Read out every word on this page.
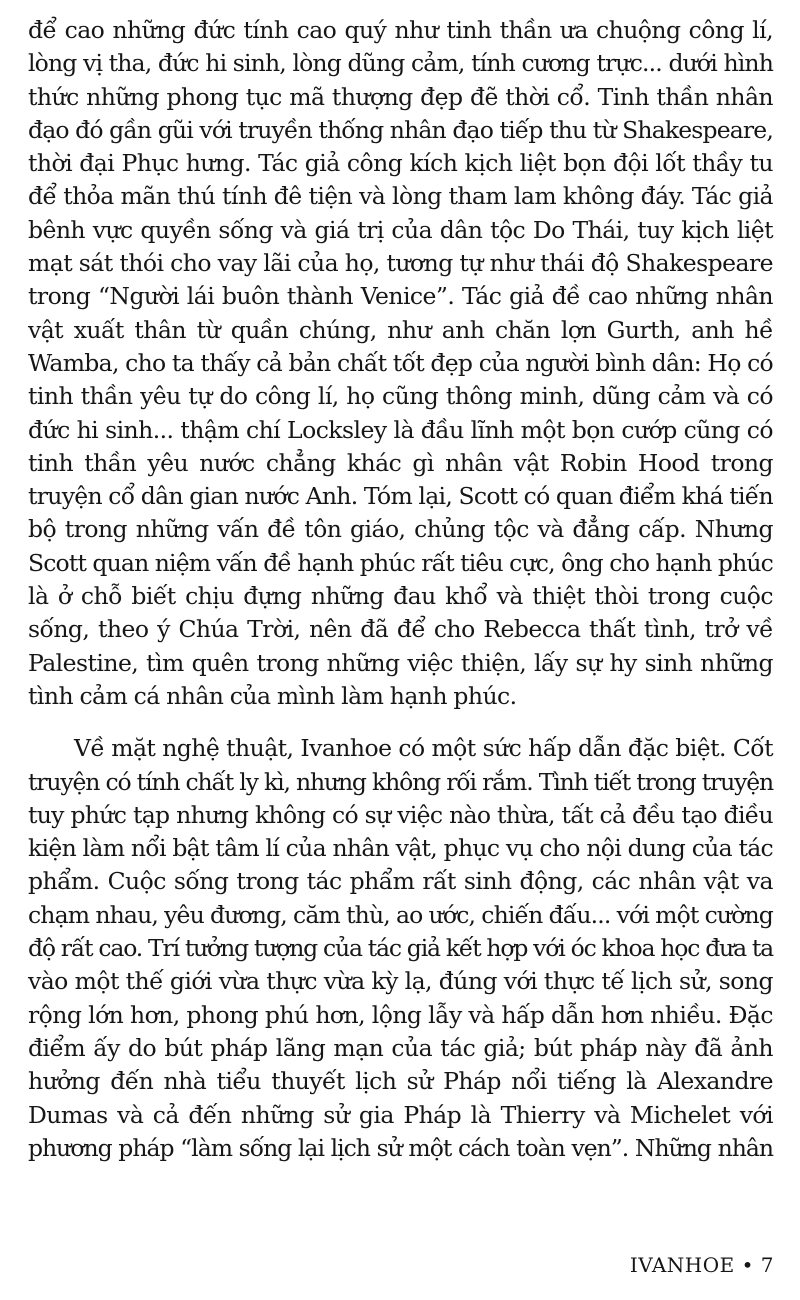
để cao những đức tính cao quý như tinh thần ưa chuộng công lí,
lòng vị tha, đức hi sinh, lòng dũng cảm, tính cương trực... dưới hình
thức những phong tục mã thượng đẹp đẽ thời cổ. Tinh thần nhân
đạo đó gần gũi với truyền thống nhân đạo tiếp thu từ Shakespeare,
thời đại Phục hưng. Tác giả công kích kịch liệt bọn đội lốt thầy tu
để thỏa mãn thú tính đê tiện và lòng tham lam không đáy. Tác giả
bênh vực quyền sống và giá trị của dân tộc Do Thái, tuy kịch liệt
mạt sát thói cho vay lãi của họ, tương tự như thái độ Shakespeare
trong “Người lái buôn thành Venice”. Tác giả đề cao những nhân
vật xuất thân từ quần chúng, như anh chăn lợn Gurth, anh hề
Wamba, cho ta thấy cả bản chất tốt đẹp của người bình dân: Họ có
tinh thần yêu tự do công lí, họ cũng thông minh, dũng cảm và có
đức hi sinh... thậm chí Locksley là đầu lĩnh một bọn cướp cũng có
tinh thần yêu nước chẳng khác gì nhân vật Robin Hood trong
truyện cổ dân gian nước Anh. Tóm lại, Scott có quan điểm khá tiến
bộ trong những vấn đề tôn giáo, chủng tộc và đẳng cấp. Nhưng
Scott quan niệm vấn đề hạnh phúc rất tiêu cực, ông cho hạnh phúc
là ở chỗ biết chịu đựng những đau khổ và thiệt thòi trong cuộc
sống, theo ý Chúa Trời, nên đã để cho Rebecca thất tình, trở về
Palestine, tìm quên trong những việc thiện, lấy sự hy sinh những
tình cảm cá nhân của mình làm hạnh phúc.
Về mặt nghệ thuật, Ivanhoe có một sức hấp dẫn đặc biệt. Cốt
truyện có tính chất ly kì, nhưng không rối rắm. Tình tiết trong truyện
tuy phức tạp nhưng không có sự việc nào thừa, tất cả đều tạo điều
kiện làm nổi bật tâm lí của nhân vật, phục vụ cho nội dung của tác
phẩm. Cuộc sống trong tác phẩm rất sinh động, các nhân vật va
chạm nhau, yêu đương, căm thù, ao ước, chiến đấu... với một cường
độ rất cao. Trí tưởng tượng của tác giả kết hợp với óc khoa học đưa ta
vào một thế giới vừa thực vừa kỳ lạ, đúng với thực tế lịch sử, song
rộng lớn hơn, phong phú hơn, lộng lẫy và hấp dẫn hơn nhiều. Đặc
điểm ấy do bút pháp lãng mạn của tác giả; bút pháp này đã ảnh
hưởng đến nhà tiểu thuyết lịch sử Pháp nổi tiếng là Alexandre
Dumas và cả đến những sử gia Pháp là Thierry và Michelet với
phương pháp “làm sống lại lịch sử một cách toàn vẹn”. Những nhân
IVANHOE • 7
